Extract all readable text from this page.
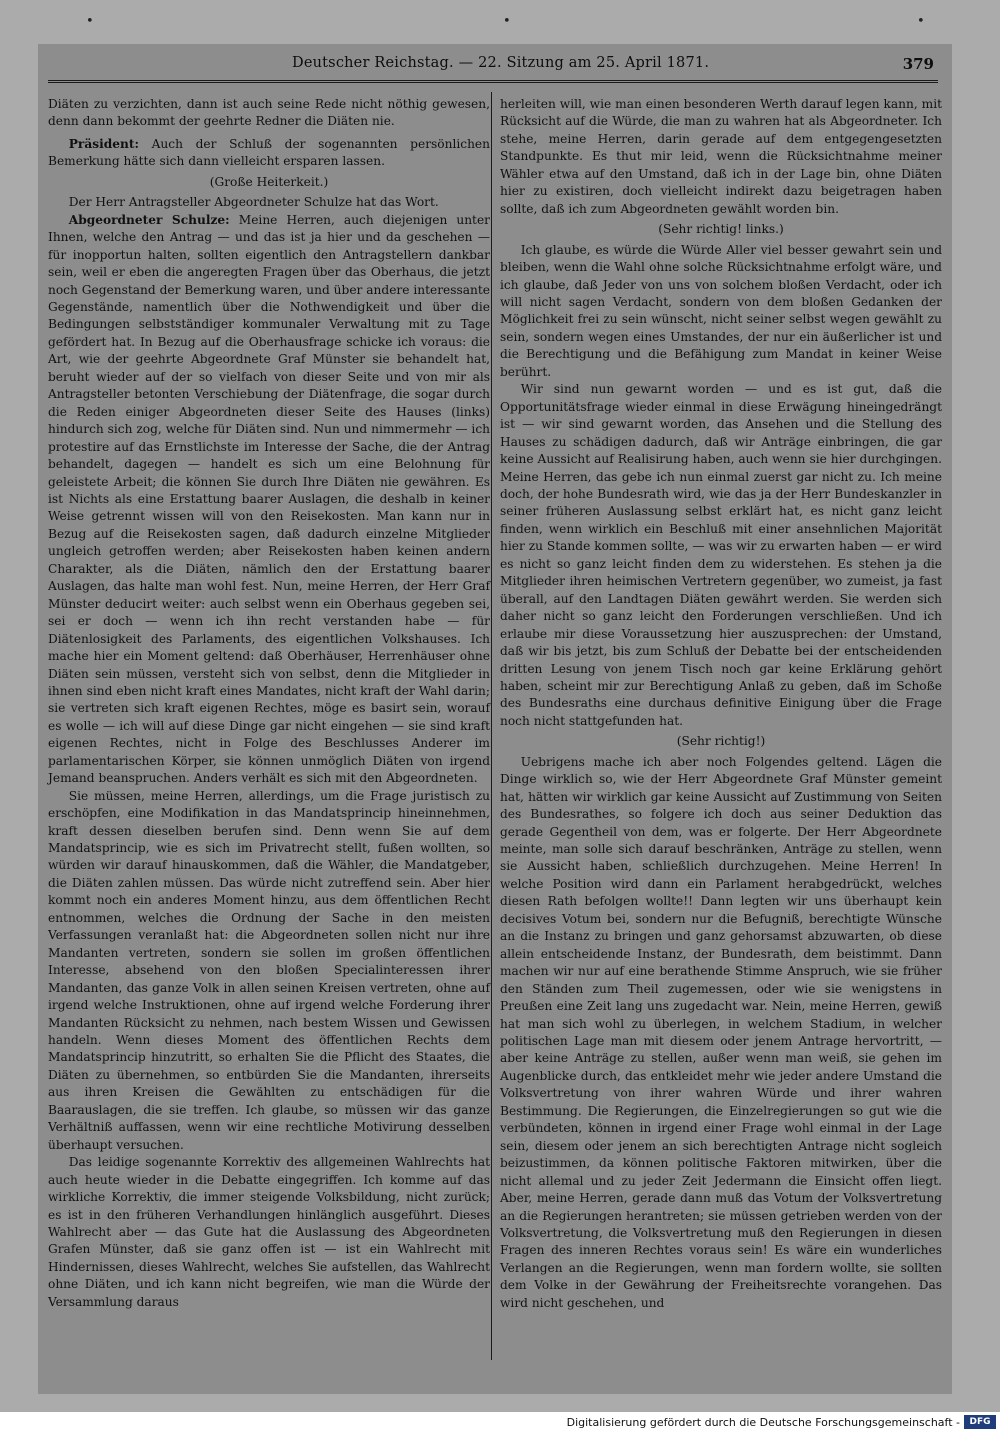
•	•	•
Deutscher Reichstag. — 22. Sitzung am 25. April 1871.	379

Diäten zu verzichten, dann ist auch seine Rede nicht nöthig gewesen, denn dann bekommt der geehrte Redner die Diäten nie.

Präsident: Auch der Schluß der sogenannten persönlichen Bemerkung hätte sich dann vielleicht ersparen lassen.

(Große Heiterkeit.)

Der Herr Antragsteller Abgeordneter Schulze hat das Wort.

Abgeordneter Schulze: Meine Herren, auch diejenigen unter Ihnen, welche den Antrag — und das ist ja hier und da geschehen — für inopportun halten, sollten eigentlich den Antragstellern dankbar sein, weil er eben die angeregten Fragen über das Oberhaus, die jetzt noch Gegenstand der Bemerkung waren, und über andere interessante Gegenstände, namentlich über die Nothwendigkeit und über die Bedingungen selbstständiger kommunaler Verwaltung mit zu Tage gefördert hat. In Bezug auf die Oberhausfrage schicke ich voraus: die Art, wie der geehrte Abgeordnete Graf Münster sie behandelt hat, beruht wieder auf der so vielfach von dieser Seite und von mir als Antragsteller betonten Verschiebung der Diätenfrage, die sogar durch die Reden einiger Abgeordneten dieser Seite des Hauses (links) hindurch sich zog, welche für Diäten sind. Nun und nimmermehr — ich protestire auf das Ernstlichste im Interesse der Sache, die der Antrag behandelt, dagegen — handelt es sich um eine Belohnung für geleistete Arbeit; die können Sie durch Ihre Diäten nie gewähren. Es ist Nichts als eine Erstattung baarer Auslagen, die deshalb in keiner Weise getrennt wissen will von den Reisekosten. Man kann nur in Bezug auf die Reisekosten sagen, daß dadurch einzelne Mitglieder ungleich getroffen werden; aber Reisekosten haben keinen andern Charakter, als die Diäten, nämlich den der Erstattung baarer Auslagen, das halte man wohl fest. Nun, meine Herren, der Herr Graf Münster deducirt weiter: auch selbst wenn ein Oberhaus gegeben sei, sei er doch — wenn ich ihn recht verstanden habe — für Diätenlosigkeit des Parlaments, des eigentlichen Volkshauses. Ich mache hier ein Moment geltend: daß Oberhäuser, Herrenhäuser ohne Diäten sein müssen, versteht sich von selbst, denn die Mitglieder in ihnen sind eben nicht kraft eines Mandates, nicht kraft der Wahl darin; sie vertreten sich kraft eigenen Rechtes, möge es basirt sein, worauf es wolle — ich will auf diese Dinge gar nicht eingehen — sie sind kraft eigenen Rechtes, nicht in Folge des Beschlusses Anderer im parlamentarischen Körper, sie können unmöglich Diäten von irgend Jemand beanspruchen. Anders verhält es sich mit den Abgeordneten.

Sie müssen, meine Herren, allerdings, um die Frage juristisch zu erschöpfen, eine Modifikation in das Mandatsprincip hineinnehmen, kraft dessen dieselben berufen sind. Denn wenn Sie auf dem Mandatsprincip, wie es sich im Privatrecht stellt, fußen wollten, so würden wir darauf hinauskommen, daß die Wähler, die Mandatgeber, die Diäten zahlen müssen. Das würde nicht zutreffend sein. Aber hier kommt noch ein anderes Moment hinzu, aus dem öffentlichen Recht entnommen, welches die Ordnung der Sache in den meisten Verfassungen veranlaßt hat: die Abgeordneten sollen nicht nur ihre Mandanten vertreten, sondern sie sollen im großen öffentlichen Interesse, absehend von den bloßen Specialinteressen ihrer Mandanten, das ganze Volk in allen seinen Kreisen vertreten, ohne auf irgend welche Instruktionen, ohne auf irgend welche Forderung ihrer Mandanten Rücksicht zu nehmen, nach bestem Wissen und Gewissen handeln. Wenn dieses Moment des öffentlichen Rechts dem Mandatsprincip hinzutritt, so erhalten Sie die Pflicht des Staates, die Diäten zu übernehmen, so entbürden Sie die Mandanten, ihrerseits aus ihren Kreisen die Gewählten zu entschädigen für die Baarauslagen, die sie treffen. Ich glaube, so müssen wir das ganze Verhältniß auffassen, wenn wir eine rechtliche Motivirung desselben überhaupt versuchen.

Das leidige sogenannte Korrektiv des allgemeinen Wahlrechts hat auch heute wieder in die Debatte eingegriffen. Ich komme auf das wirkliche Korrektiv, die immer steigende Volksbildung, nicht zurück; es ist in den früheren Verhandlungen hinlänglich ausgeführt. Dieses Wahlrecht aber — das Gute hat die Auslassung des Abgeordneten Grafen Münster, daß sie ganz offen ist — ist ein Wahlrecht mit Hindernissen, dieses Wahlrecht, welches Sie aufstellen, das Wahlrecht ohne Diäten, und ich kann nicht begreifen, wie man die Würde der Versammlung daraus

herleiten will, wie man einen besonderen Werth darauf legen kann, mit Rücksicht auf die Würde, die man zu wahren hat als Abgeordneter. Ich stehe, meine Herren, darin gerade auf dem entgegengesetzten Standpunkte. Es thut mir leid, wenn die Rücksichtnahme meiner Wähler etwa auf den Umstand, daß ich in der Lage bin, ohne Diäten hier zu existiren, doch vielleicht indirekt dazu beigetragen haben sollte, daß ich zum Abgeordneten gewählt worden bin.

(Sehr richtig! links.)

Ich glaube, es würde die Würde Aller viel besser gewahrt sein und bleiben, wenn die Wahl ohne solche Rücksichtnahme erfolgt wäre, und ich glaube, daß Jeder von uns von solchem bloßen Verdacht, oder ich will nicht sagen Verdacht, sondern von dem bloßen Gedanken der Möglichkeit frei zu sein wünscht, nicht seiner selbst wegen gewählt zu sein, sondern wegen eines Umstandes, der nur ein äußerlicher ist und die Berechtigung und die Befähigung zum Mandat in keiner Weise berührt.

Wir sind nun gewarnt worden — und es ist gut, daß die Opportunitätsfrage wieder einmal in diese Erwägung hineingedrängt ist — wir sind gewarnt worden, das Ansehen und die Stellung des Hauses zu schädigen dadurch, daß wir Anträge einbringen, die gar keine Aussicht auf Realisirung haben, auch wenn sie hier durchgingen. Meine Herren, das gebe ich nun einmal zuerst gar nicht zu. Ich meine doch, der hohe Bundesrath wird, wie das ja der Herr Bundeskanzler in seiner früheren Auslassung selbst erklärt hat, es nicht ganz leicht finden, wenn wirklich ein Beschluß mit einer ansehnlichen Majorität hier zu Stande kommen sollte, — was wir zu erwarten haben — er wird es nicht so ganz leicht finden dem zu widerstehen. Es stehen ja die Mitglieder ihren heimischen Vertretern gegenüber, wo zumeist, ja fast überall, auf den Landtagen Diäten gewährt werden. Sie werden sich daher nicht so ganz leicht den Forderungen verschließen. Und ich erlaube mir diese Voraussetzung hier auszusprechen: der Umstand, daß wir bis jetzt, bis zum Schluß der Debatte bei der entscheidenden dritten Lesung von jenem Tisch noch gar keine Erklärung gehört haben, scheint mir zur Berechtigung Anlaß zu geben, daß im Schoße des Bundesraths eine durchaus definitive Einigung über die Frage noch nicht stattgefunden hat.

(Sehr richtig!)

Uebrigens mache ich aber noch Folgendes geltend. Lägen die Dinge wirklich so, wie der Herr Abgeordnete Graf Münster gemeint hat, hätten wir wirklich gar keine Aussicht auf Zustimmung von Seiten des Bundesrathes, so folgere ich doch aus seiner Deduktion das gerade Gegentheil von dem, was er folgerte. Der Herr Abgeordnete meinte, man solle sich darauf beschränken, Anträge zu stellen, wenn sie Aussicht haben, schließlich durchzugehen. Meine Herren! In welche Position wird dann ein Parlament herabgedrückt, welches diesen Rath befolgen wollte!! Dann legten wir uns überhaupt kein decisives Votum bei, sondern nur die Befugniß, berechtigte Wünsche an die Instanz zu bringen und ganz gehorsamst abzuwarten, ob diese allein entscheidende Instanz, der Bundesrath, dem beistimmt. Dann machen wir nur auf eine berathende Stimme Anspruch, wie sie früher den Ständen zum Theil zugemessen, oder wie sie wenigstens in Preußen eine Zeit lang uns zugedacht war. Nein, meine Herren, gewiß hat man sich wohl zu überlegen, in welchem Stadium, in welcher politischen Lage man mit diesem oder jenem Antrage hervortritt, — aber keine Anträge zu stellen, außer wenn man weiß, sie gehen im Augenblicke durch, das entkleidet mehr wie jeder andere Umstand die Volksvertretung von ihrer wahren Würde und ihrer wahren Bestimmung. Die Regierungen, die Einzelregierungen so gut wie die verbündeten, können in irgend einer Frage wohl einmal in der Lage sein, diesem oder jenem an sich berechtigten Antrage nicht sogleich beizustimmen, da können politische Faktoren mitwirken, über die nicht allemal und zu jeder Zeit Jedermann die Einsicht offen liegt. Aber, meine Herren, gerade dann muß das Votum der Volksvertretung an die Regierungen herantreten; sie müssen getrieben werden von der Volksvertretung, die Volksvertretung muß den Regierungen in diesen Fragen des inneren Rechtes voraus sein! Es wäre ein wunderliches Verlangen an die Regierungen, wenn man fordern wollte, sie sollten dem Volke in der Gewährung der Freiheitsrechte vorangehen. Das wird nicht geschehen, und

Digitalisierung gefördert durch die Deutsche Forschungsgemeinschaft -	DFG
